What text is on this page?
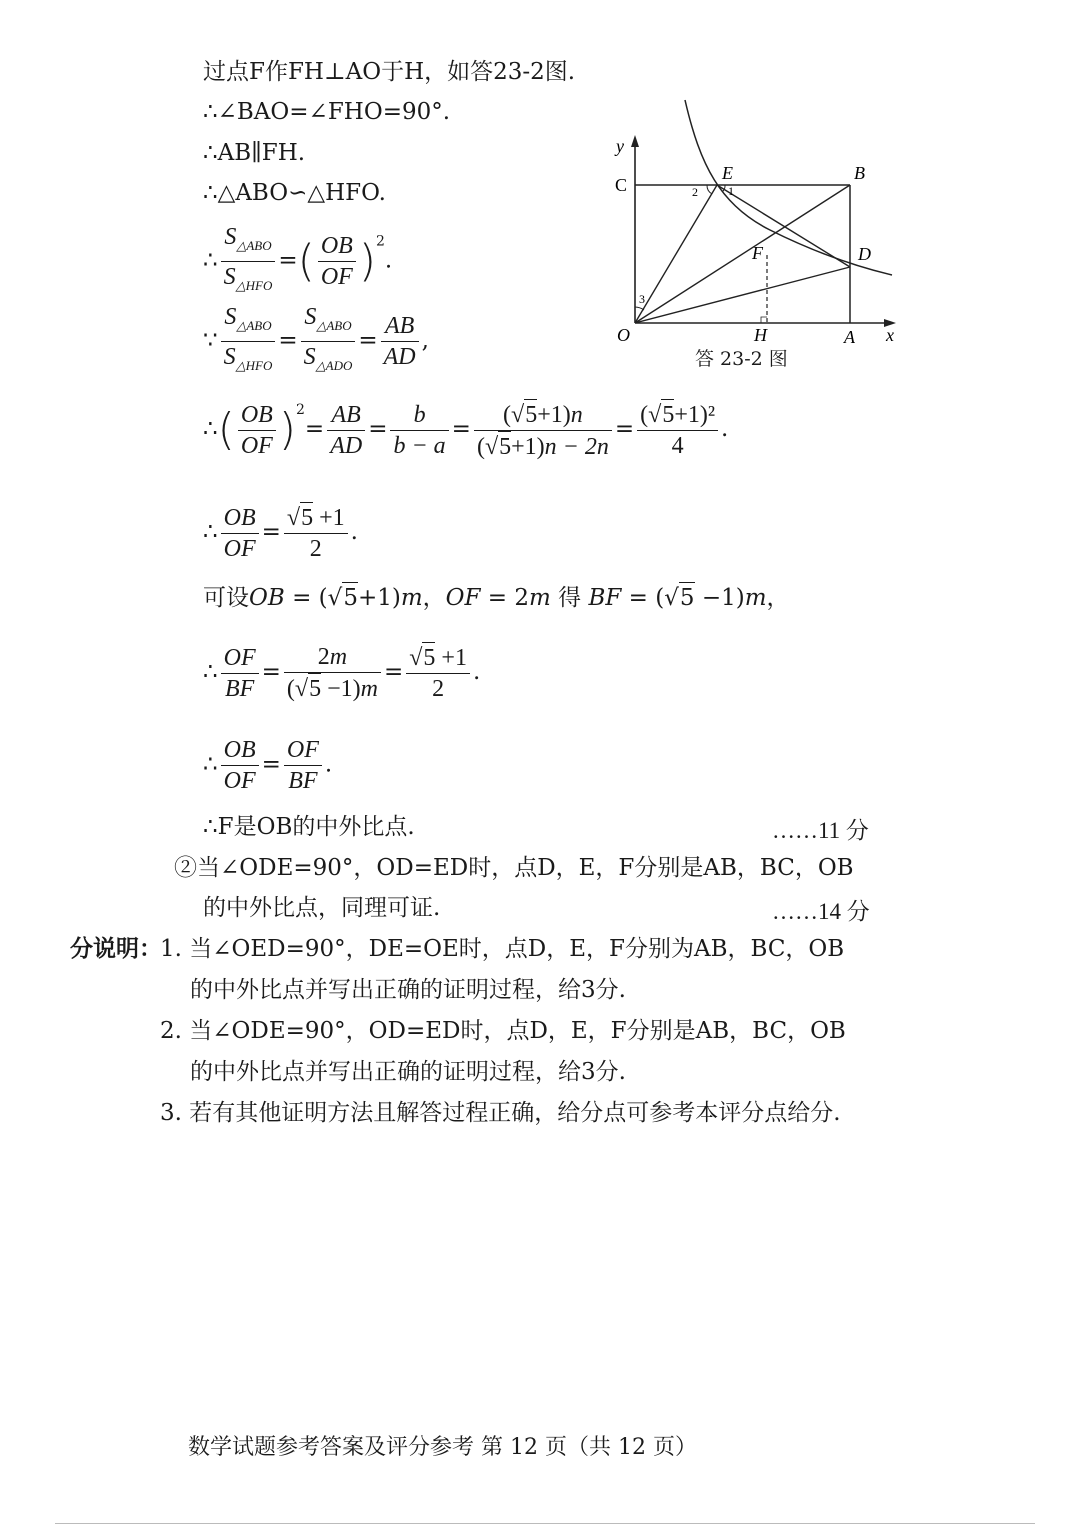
过点F作FH⊥AO于H，如答23-2图.
∴∠BAO=∠FHO=90°.
∴AB∥FH.
∴△ABO∽△HFO.
∴ $\frac{S_{\triangle ABO}}{S_{\triangle HFO}}$ =( $\frac{OB}{OF} )^2$.
∵ $\frac{S_{\triangle ABO}}{S_{\triangle HFO}} = \frac{S_{\triangle ABO}}{S_{\triangle ADO}} = \frac{AB}{AD}$ ,
∴( $\frac{OB}{OF} )^2= \frac{AB}{AD} = \frac{b}{b - a} = \frac{(√5+1)n}{(√5+1)n - 2n} = \frac{\text{(√5+1)²}}{4}$ .
∴ $\frac{OB}{OF} = \frac{√5 +1}{2}$ .
可设OB = (√5+1)m，OF = 2m 得 BF = (√5 −1)m，
∴ $\frac{OF}{BF} = \frac{2m}{(√5 -1)m} = \frac{√5 +1}{2}$ .
∴ $\frac{OB}{OF} = \frac{OF}{BF}$ .
∴F是OB的中外比点.	……11 分
②当∠ODE=90°，OD=ED时，点D，E，F分别是AB，BC，OB
的中外比点，同理可证.	……14 分
分说明：
1. 当∠OED=90°，DE=OE时，点D，E，F分别为AB，BC，OB
的中外比点并写出正确的证明过程，给3分.
2. 当∠ODE=90°，OD=ED时，点D，E，F分别是AB，BC，OB
的中外比点并写出正确的证明过程，给3分.
3. 若有其他证明方法且解答过程正确，给分点可参考本评分点给分.
y
C
E	B
1
2
F	D
3
O	H	A x
答 23-2 图
数学试题参考答案及评分参考 第 12 页（共 12 页）
